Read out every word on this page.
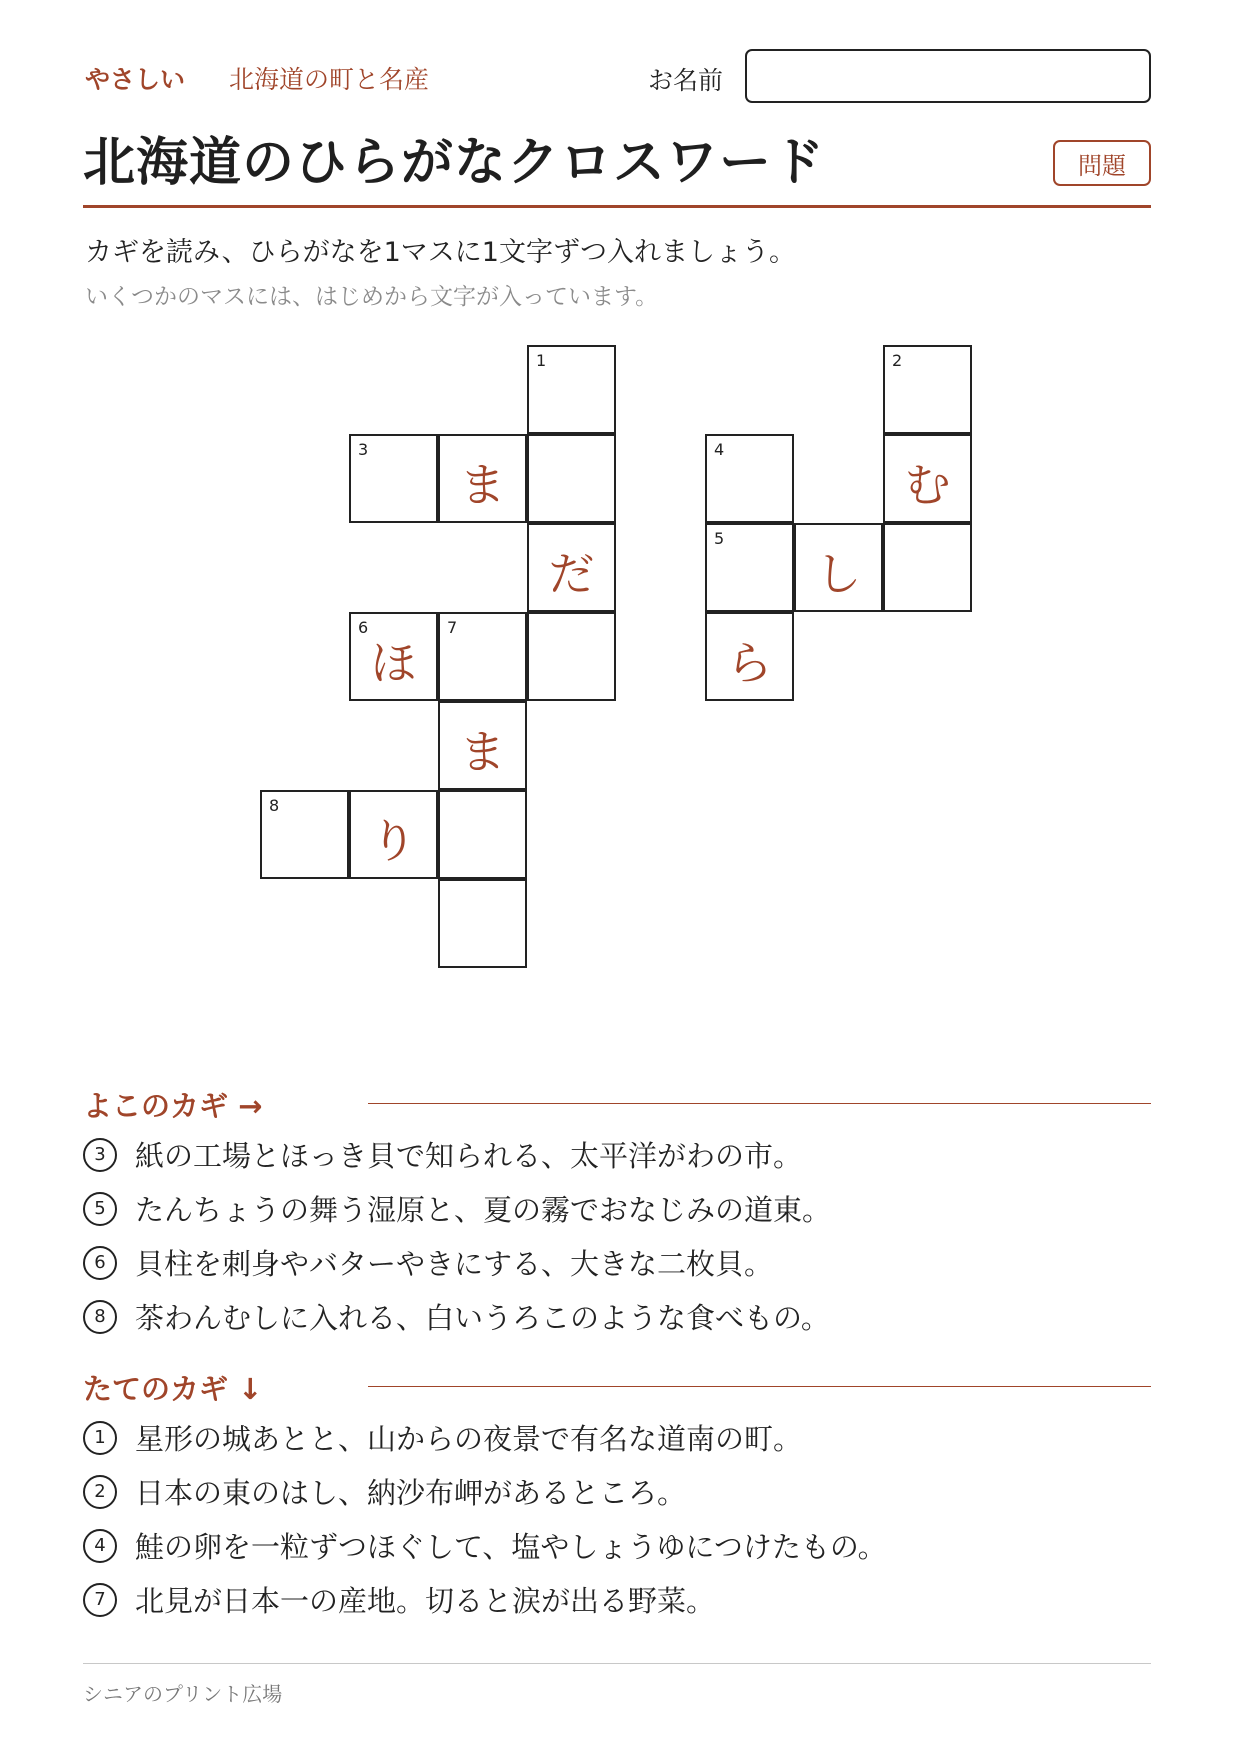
やさしい 北海道の町と名産	お名前
北海道のひらがなクロスワード	問題
カギを読み、ひらがなを1マスに1文字ずつ入れましょう。
いくつかのマスには、はじめから文字が入っています。
1	2
3
ま
4
む
だ
5
し
6
ほ
7
ら
ま
8
り
よこのカギ →
3	紙の工場とほっき貝で知られる、太平洋がわの市。
5	たんちょうの舞う湿原と、夏の霧でおなじみの道東。
6	貝柱を刺身やバターやきにする、大きな二枚貝。
8	茶わんむしに入れる、白いうろこのような食べもの。
たてのカギ ↓
1	星形の城あとと、山からの夜景で有名な道南の町。
2	日本の東のはし、納沙布岬があるところ。
4	鮭の卵を一粒ずつほぐして、塩やしょうゆにつけたもの。
7	北見が日本一の産地。切ると涙が出る野菜。
シニアのプリント広場
